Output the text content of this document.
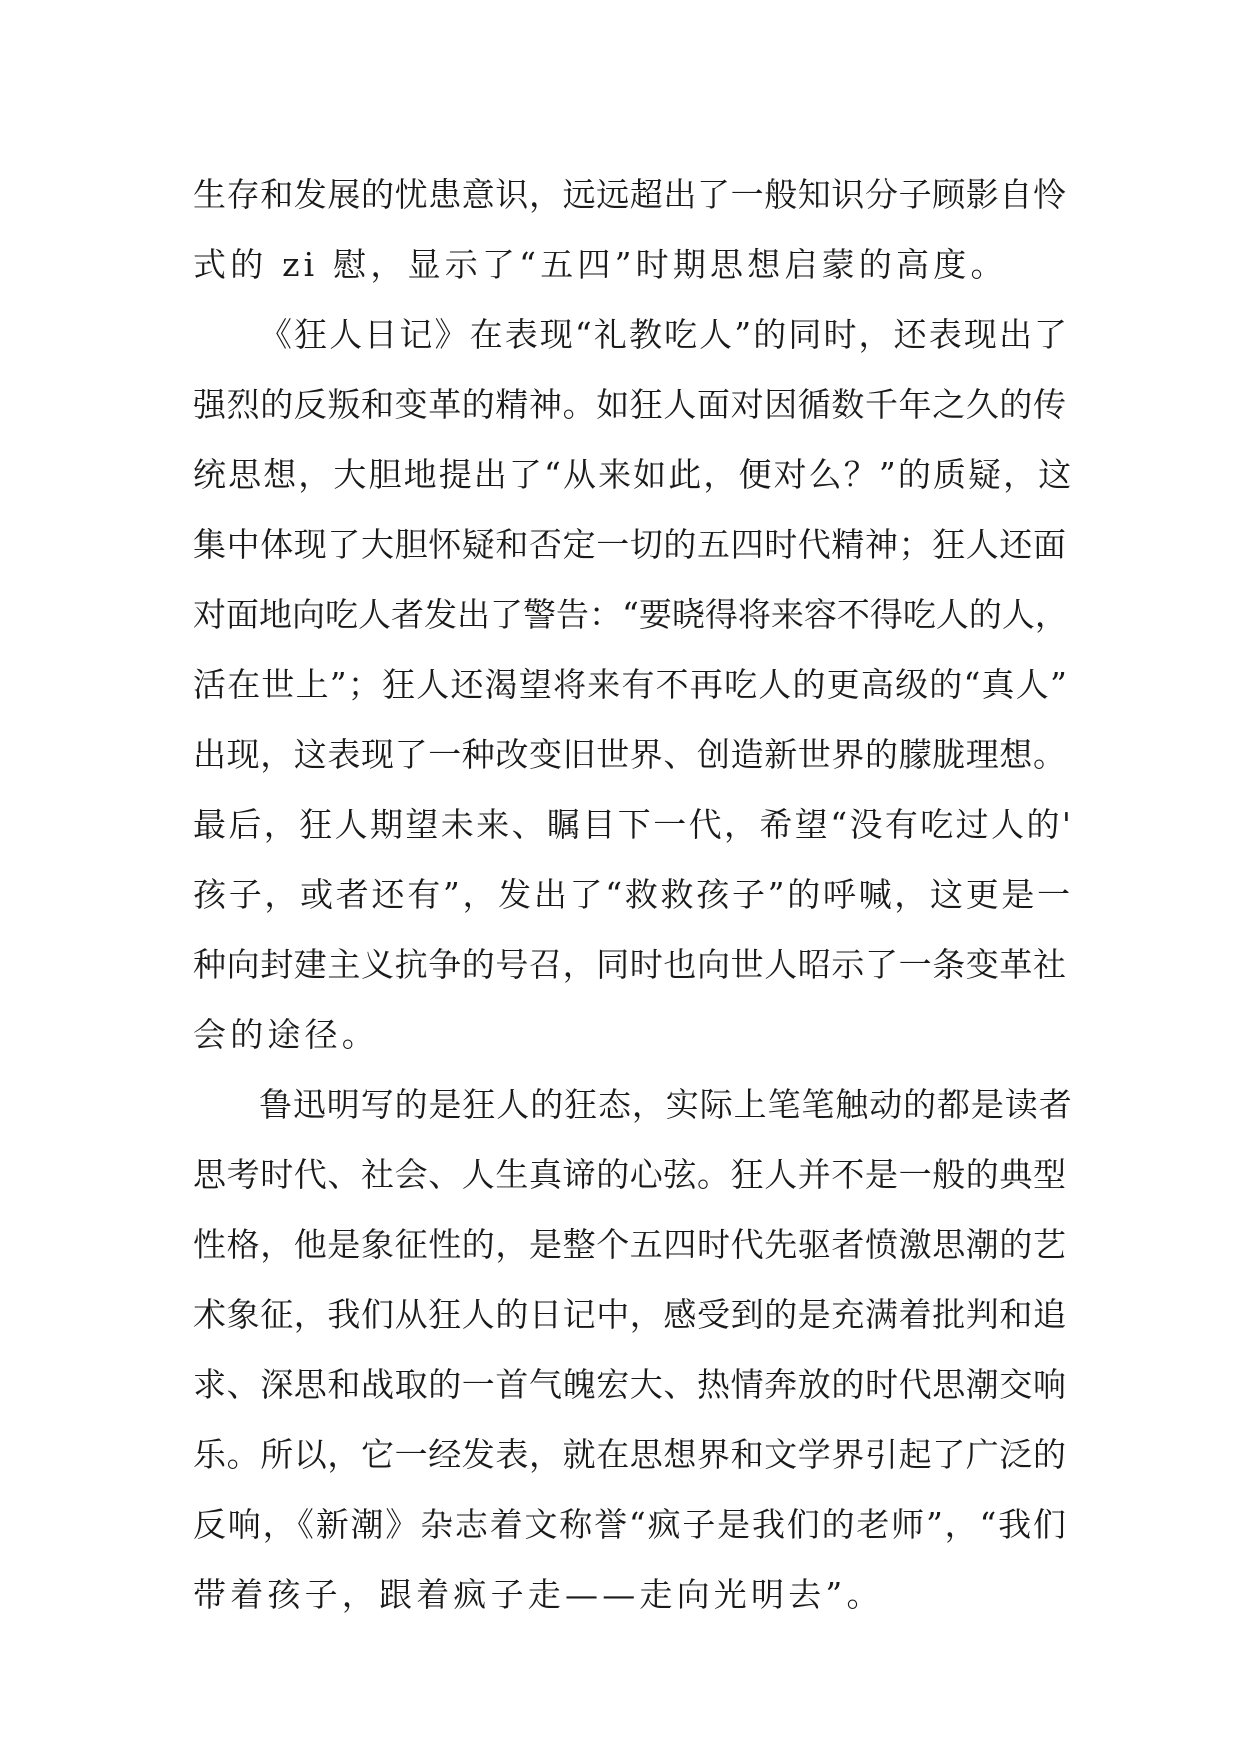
生存和发展的忧患意识，远远超出了一般知识分子顾影自怜
式的 zi 慰，显示了“五四”时期思想启蒙的高度。
《狂人日记》在表现“礼教吃人”的同时，还表现出了
强烈的反叛和变革的精神。如狂人面对因循数千年之久的传
统思想，大胆地提出了“从来如此，便对么？”的质疑，这
集中体现了大胆怀疑和否定一切的五四时代精神；狂人还面
对面地向吃人者发出了警告：“要晓得将来容不得吃人的人，
活在世上”；狂人还渴望将来有不再吃人的更高级的“真人”
出现，这表现了一种改变旧世界、创造新世界的朦胧理想。
最后，狂人期望未来、瞩目下一代，希望“没有吃过人的'
孩子，或者还有”，发出了“救救孩子”的呼喊，这更是一
种向封建主义抗争的号召，同时也向世人昭示了一条变革社
会的途径。
鲁迅明写的是狂人的狂态，实际上笔笔触动的都是读者
思考时代、社会、人生真谛的心弦。狂人并不是一般的典型
性格，他是象征性的，是整个五四时代先驱者愤激思潮的艺
术象征，我们从狂人的日记中，感受到的是充满着批判和追
求、深思和战取的一首气魄宏大、热情奔放的时代思潮交响
乐。所以，它一经发表，就在思想界和文学界引起了广泛的
反响，《新潮》杂志着文称誉“疯子是我们的老师”，“我们
带着孩子，跟着疯子走——走向光明去”。
